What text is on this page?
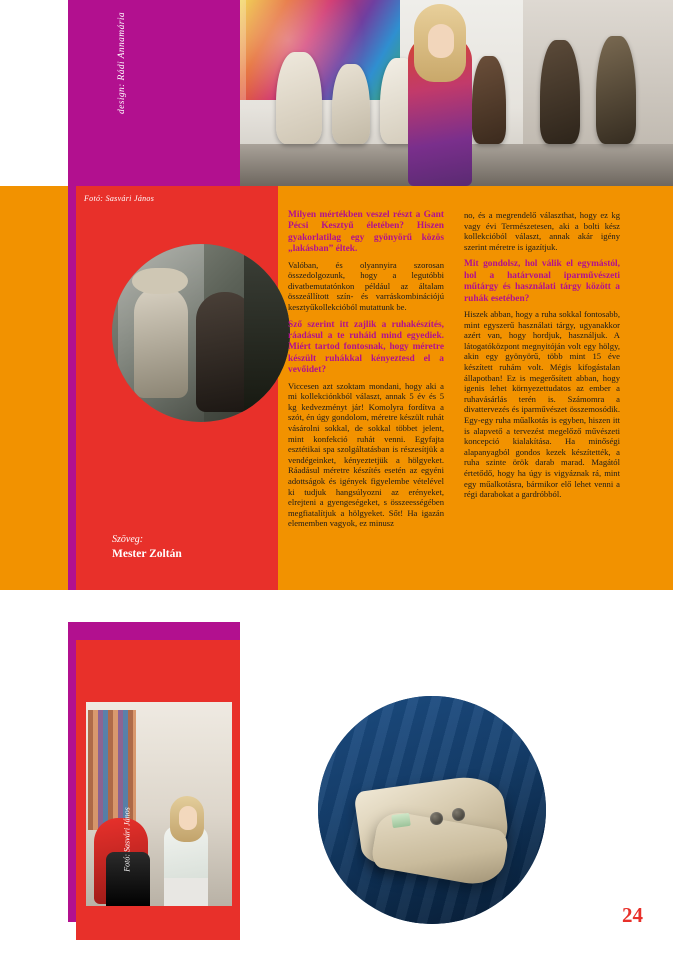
design: Rádi Annamária
Fotó: Sasvári János
Szöveg:
Mester Zoltán
Milyen mértékben veszel részt a Gant Pécsi Kesztyű életében? Hiszen gyakorlatilag egy gyönyörű közös „lakásban” éltek.
Valóban, és olyannyira szorosan összedolgozunk, hogy a legutóbbi divatbemutatónkon például az általam összeállított szín- és varráskombinációjú kesztyűkollekcióból mutattunk be.
Sző szerint itt zajlik a ruhakészítés, ráadásul a te ruháid mind egyediek. Miért tartod fontosnak, hogy méretre készült ruhákkal kényeztesd el a vevőidet?
Viccesen azt szoktam mondani, hogy aki a mi kollekciónkból választ, annak 5 év és 5 kg kedvezményt jár! Komolyra fordítva a szót, én úgy gondolom, méretre készült ruhát vásárolni sokkal, de sokkal többet jelent, mint konfekció ruhát venni. Egyfajta esztétikai spa szolgáltatásban is részesítjük a vendégeinket, kényeztetjük a hölgyeket. Ráadásul méretre készítés esetén az egyéni adottságok és igények figyelembe vételével ki tudjuk hangsúlyozni az erényeket, elrejteni a gyengeségeket, s összeességében megfiatalítjuk a hölgyeket. Sőt! Ha igazán elememben vagyok, ez minusz
no, és a megrendelő választhat, hogy ez kg vagy évi Természetesen, aki a bolti kész kollekcióból választ, annak akár igény szerint méretre is igazítjuk.
Mit gondolsz, hol válik el egymástól, hol a határvonal iparművészeti műtárgy és használati tárgy között a ruhák esetében?
Hiszek abban, hogy a ruha sokkal fontosabb, mint egyszerű használati tárgy, ugyanakkor azért van, hogy hordjuk, használjuk. A látogatóközpont megnyitóján volt egy hölgy, akin egy gyönyörű, több mint 15 éve készített ruhám volt. Mégis kifogástalan állapotban! Ez is megerősített abban, hogy igenis lehet környezettudatos az ember a ruhavásárlás terén is. Számomra a divattervezés és iparművészet összemosódik. Egy-egy ruha műalkotás is egyben, hiszen itt is alapvető a tervezést megelőző művészeti koncepció kialakítása. Ha minőségi alapanyagból gondos kezek készítették, a ruha szinte örök darab marad. Magától értetődő, hogy ha úgy is vigyáznak rá, mint egy műalkotásra, bármikor elő lehet venni a régi darabokat a gardróbból.
Fotó: Sasvári János
24
